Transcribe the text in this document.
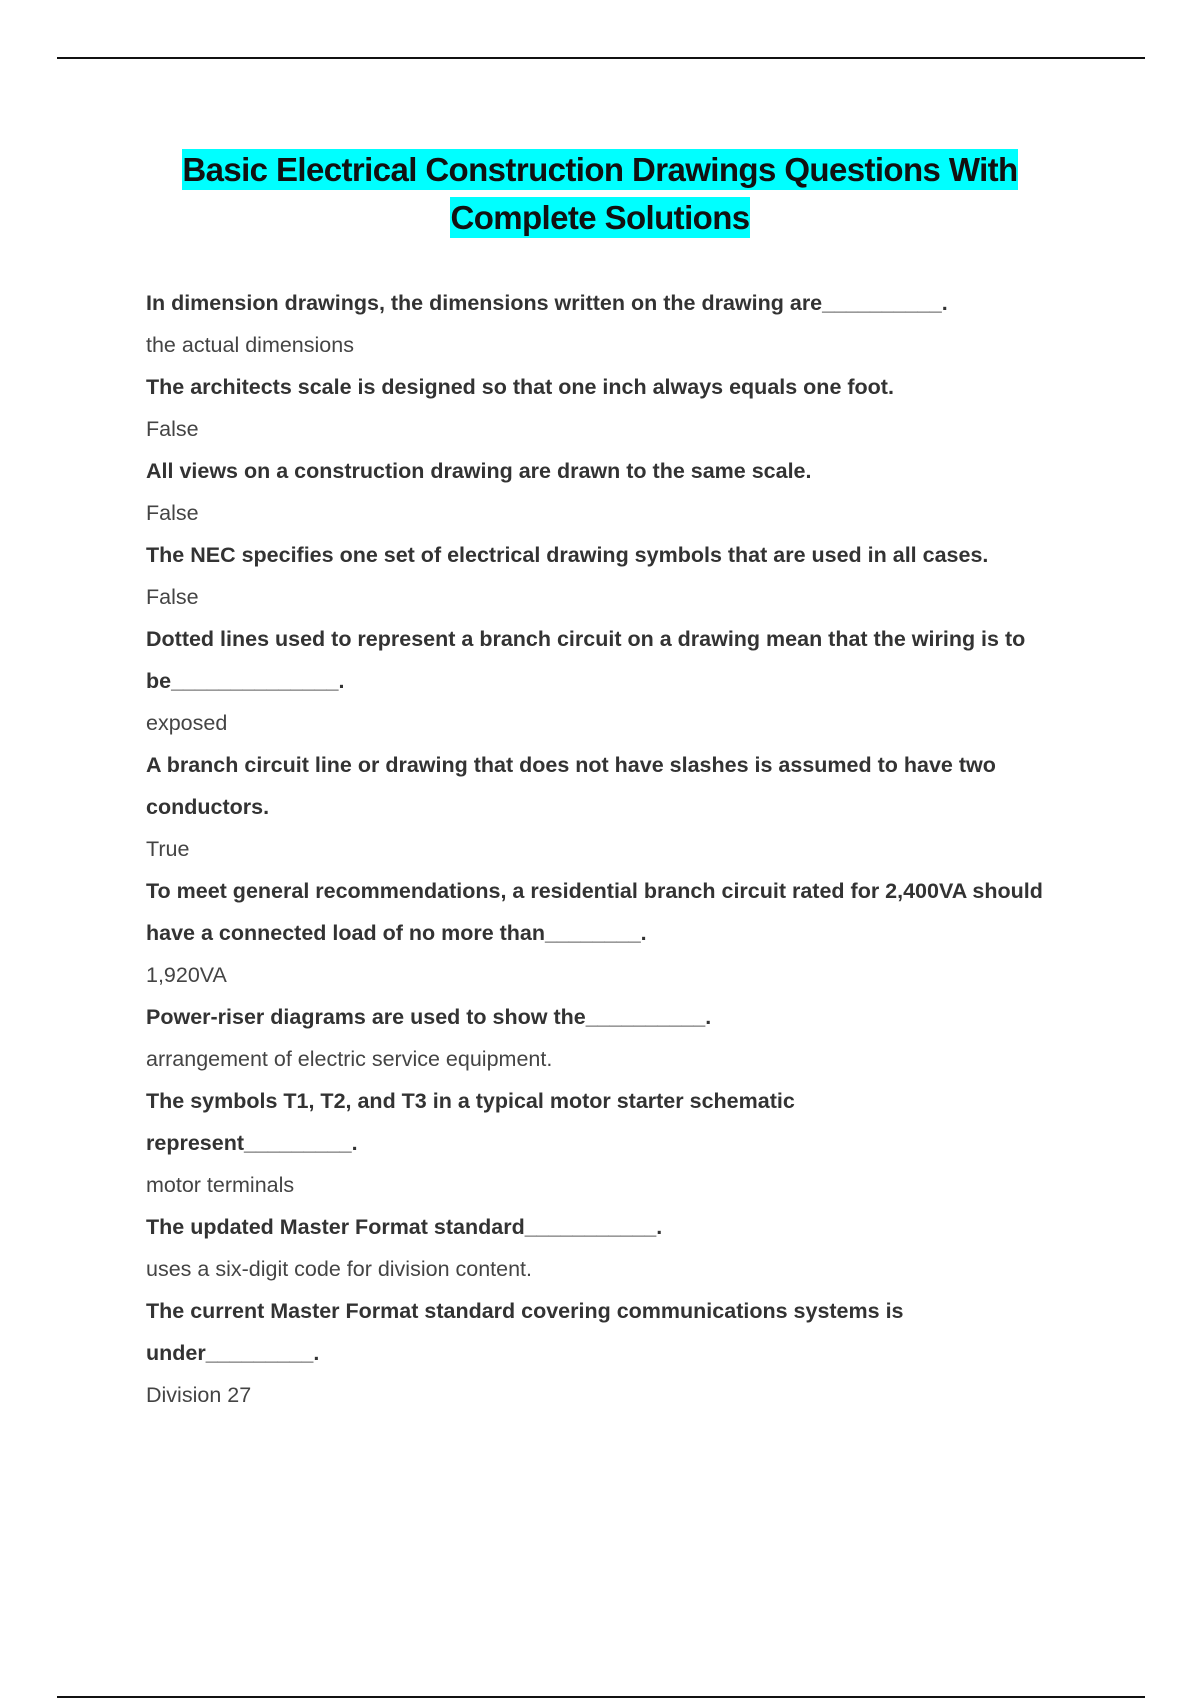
Basic Electrical Construction Drawings Questions With
Complete Solutions
In dimension drawings, the dimensions written on the drawing are__________.
the actual dimensions
The architects scale is designed so that one inch always equals one foot.
False
All views on a construction drawing are drawn to the same scale.
False
The NEC specifies one set of electrical drawing symbols that are used in all cases.
False
Dotted lines used to represent a branch circuit on a drawing mean that the wiring is to be______________.
exposed
A branch circuit line or drawing that does not have slashes is assumed to have two conductors.
True
To meet general recommendations, a residential branch circuit rated for 2,400VA should have a connected load of no more than________.
1,920VA
Power-riser diagrams are used to show the__________.
arrangement of electric service equipment.
The symbols T1, T2, and T3 in a typical motor starter schematic represent_________.
motor terminals
The updated Master Format standard___________.
uses a six-digit code for division content.
The current Master Format standard covering communications systems is under_________.
Division 27
